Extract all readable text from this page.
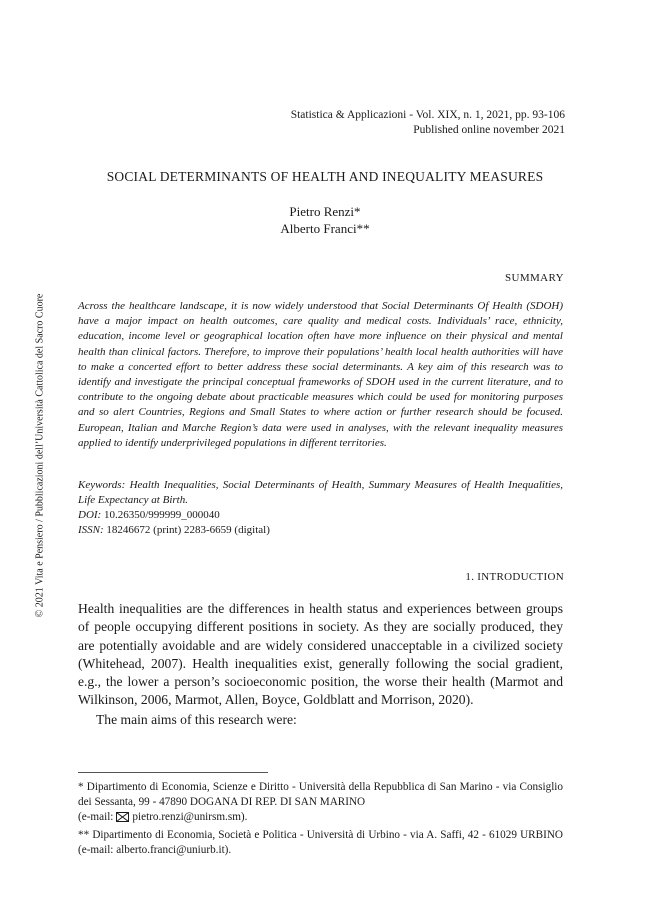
Statistica & Applicazioni - Vol. XIX, n. 1, 2021, pp. 93-106
Published online november 2021
SOCIAL DETERMINANTS OF HEALTH AND INEQUALITY MEASURES
Pietro Renzi*
Alberto Franci**
SUMMARY
Across the healthcare landscape, it is now widely understood that Social Determinants Of Health (SDOH) have a major impact on health outcomes, care quality and medical costs. Individuals’ race, ethnicity, education, income level or geographical location often have more influence on their physical and mental health than clinical factors. Therefore, to improve their populations’ health local health authorities will have to make a concerted effort to better address these social determinants. A key aim of this research was to identify and investigate the principal conceptual frameworks of SDOH used in the current literature, and to contribute to the ongoing debate about practicable measures which could be used for monitoring purposes and so alert Countries, Regions and Small States to where action or further research should be focused. European, Italian and Marche Region’s data were used in analyses, with the relevant inequality measures applied to identify underprivileged populations in different territories.
Keywords: Health Inequalities, Social Determinants of Health, Summary Measures of Health Inequalities, Life Expectancy at Birth.
DOI: 10.26350/999999_000040
ISSN: 18246672 (print) 2283-6659 (digital)
1. INTRODUCTION
Health inequalities are the differences in health status and experiences between groups of people occupying different positions in society. As they are socially produced, they are potentially avoidable and are widely considered unacceptable in a civilized society (Whitehead, 2007). Health inequalities exist, generally following the social gradient, e.g., the lower a person’s socioeconomic position, the worse their health (Marmot and Wilkinson, 2006, Marmot, Allen, Boyce, Goldblatt and Morrison, 2020).
The main aims of this research were:

* Dipartimento di Economia, Scienze e Diritto - Università della Repubblica di San Marino - via Consiglio dei Sessanta, 99 - 47890 DOGANA DI REP. DI SAN MARINO
(e-mail: pietro.renzi@unirsm.sm).

** Dipartimento di Economia, Società e Politica - Università di Urbino - via A. Saffi, 42 - 61029 URBINO (e-mail: alberto.franci@uniurb.it).

© 2021 Vita e Pensiero / Pubblicazioni dell’Università Cattolica del Sacro Cuore
